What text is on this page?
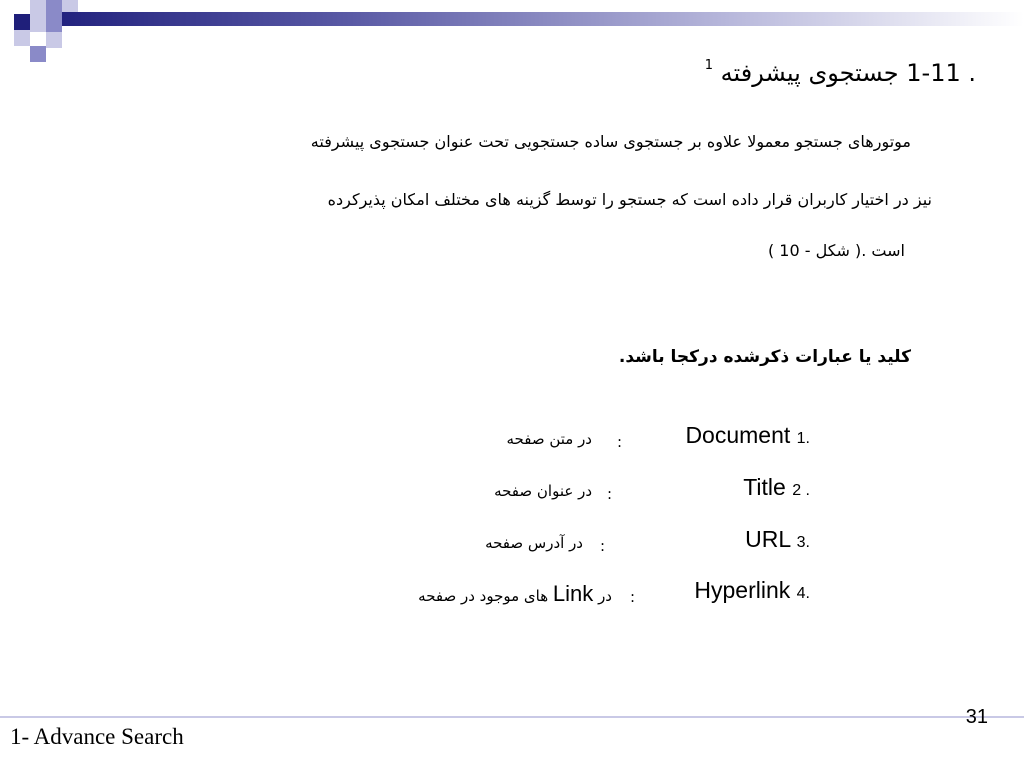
1-11 . جستجوی پیشرفته $^1$
موتورهای جستجو معمولا علاوه بر جستجوی ساده جستجویی تحت عنوان جستجوی پیشرفته
نیز در اختیار کاربران قرار داده است که جستجو را توسط گزینه های مختلف امکان پذیرکرده
است .( شکل - 10 )
کلید یا عبارات ذکرشده درکجا باشد.
Document 1.
:
در متن صفحه
Title 2 .
:
در عنوان صفحه
URL 3.
:
در آدرس صفحه
Hyperlink 4.
:
در Link های موجود در صفحه
31
1- Advance Search
